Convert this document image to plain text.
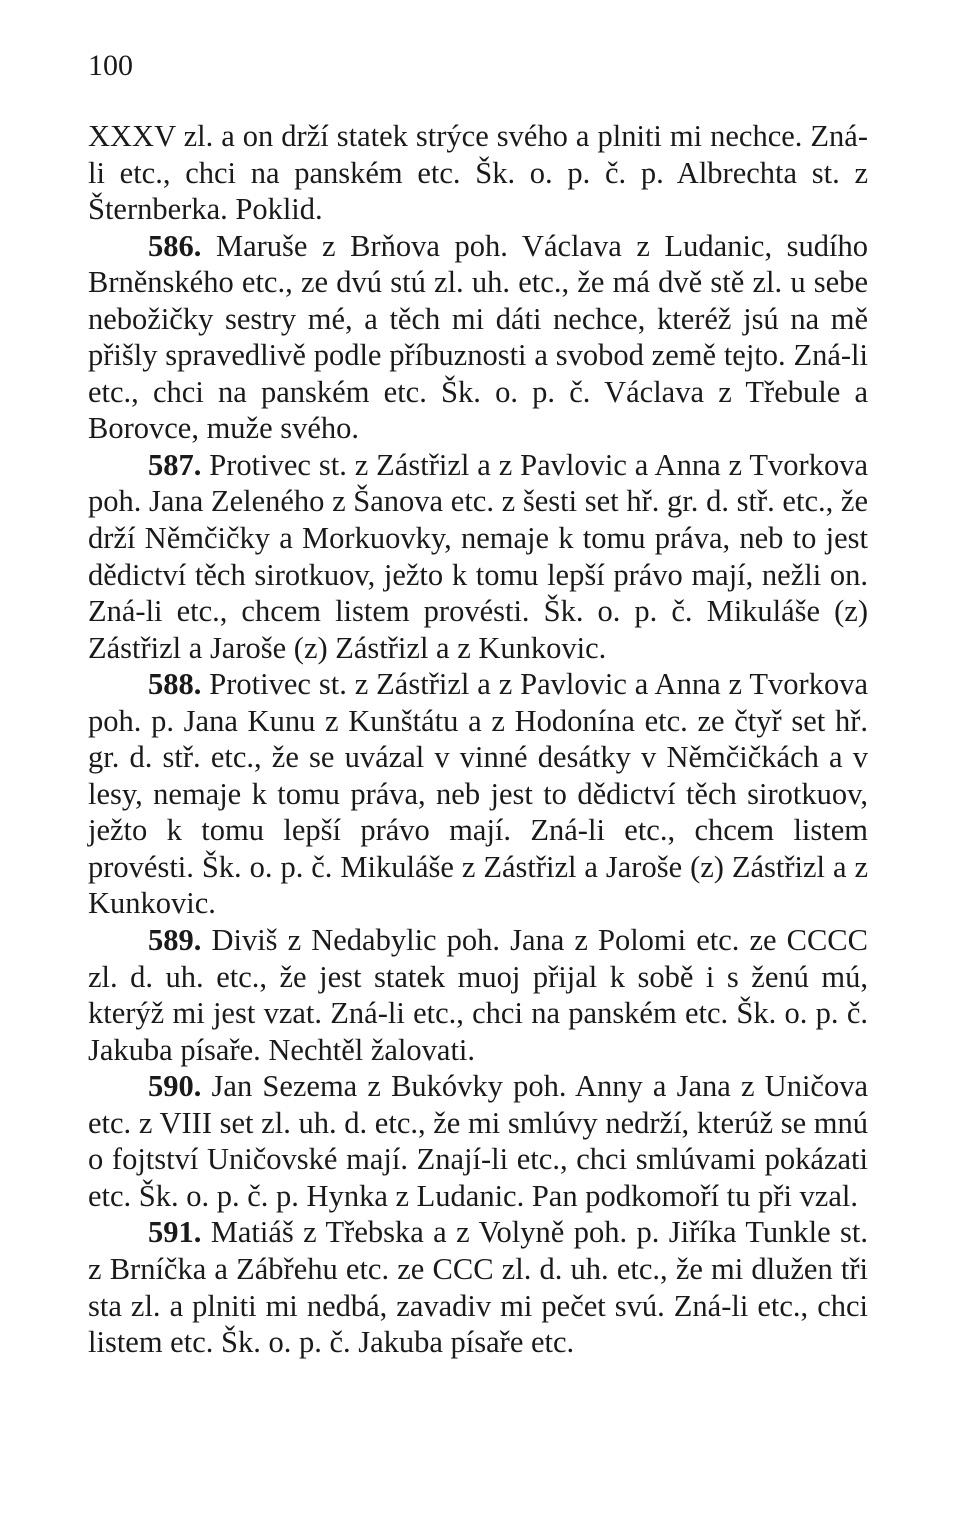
100

XXXV zl. a on drží statek strýce svého a plniti mi nechce. Zná-li etc., chci na panském etc. Šk. o. p. č. p. Albrechta st. z Šternberka. Poklid.

586. Maruše z Brňova poh. Václava z Ludanic, sudího Brněnského etc., ze dvú stú zl. uh. etc., že má dvě stě zl. u sebe nebožičky sestry mé, a těch mi dáti nechce, kteréž jsú na mě přišly spravedlivě podle příbuznosti a svobod země tejto. Zná-li etc., chci na panském etc. Šk. o. p. č. Václava z Třebule a Borovce, muže svého.

587. Protivec st. z Zástřizl a z Pavlovic a Anna z Tvorkova poh. Jana Zeleného z Šanova etc. z šesti set hř. gr. d. stř. etc., že drží Němčičky a Morkuovky, nemaje k tomu práva, neb to jest dědictví těch sirotkuov, ježto k tomu lepší právo mají, nežli on. Zná-li etc., chcem listem provésti. Šk. o. p. č. Mikuláše (z) Zástřizl a Jaroše (z) Zástřizl a z Kunkovic.

588. Protivec st. z Zástřizl a z Pavlovic a Anna z Tvorkova poh. p. Jana Kunu z Kunštátu a z Hodonína etc. ze čtyř set hř. gr. d. stř. etc., že se uvázal v vinné desátky v Němčičkách a v lesy, nemaje k tomu práva, neb jest to dědictví těch sirotkuov, ježto k tomu lepší právo mají. Zná-li etc., chcem listem provésti. Šk. o. p. č. Mikuláše z Zástřizl a Jaroše (z) Zástřizl a z Kunkovic.

589. Diviš z Nedabylic poh. Jana z Polomi etc. ze CCCC zl. d. uh. etc., že jest statek muoj přijal k sobě i s ženú mú, kterýž mi jest vzat. Zná-li etc., chci na panském etc. Šk. o. p. č. Jakuba písaře. Nechtěl žalovati.

590. Jan Sezema z Bukóvky poh. Anny a Jana z Uničova etc. z VIII set zl. uh. d. etc., že mi smlúvy nedrží, kterúž se mnú o fojtství Uničovské mají. Znají-li etc., chci smlúvami pokázati etc. Šk. o. p. č. p. Hynka z Ludanic. Pan podkomoří tu při vzal.

591. Matiáš z Třebska a z Volyně poh. p. Jiříka Tunkle st. z Brníčka a Zábřehu etc. ze CCC zl. d. uh. etc., že mi dlužen tři sta zl. a plniti mi nedbá, zavadiv mi pečet svú. Zná-li etc., chci listem etc. Šk. o. p. č. Jakuba písaře etc.
